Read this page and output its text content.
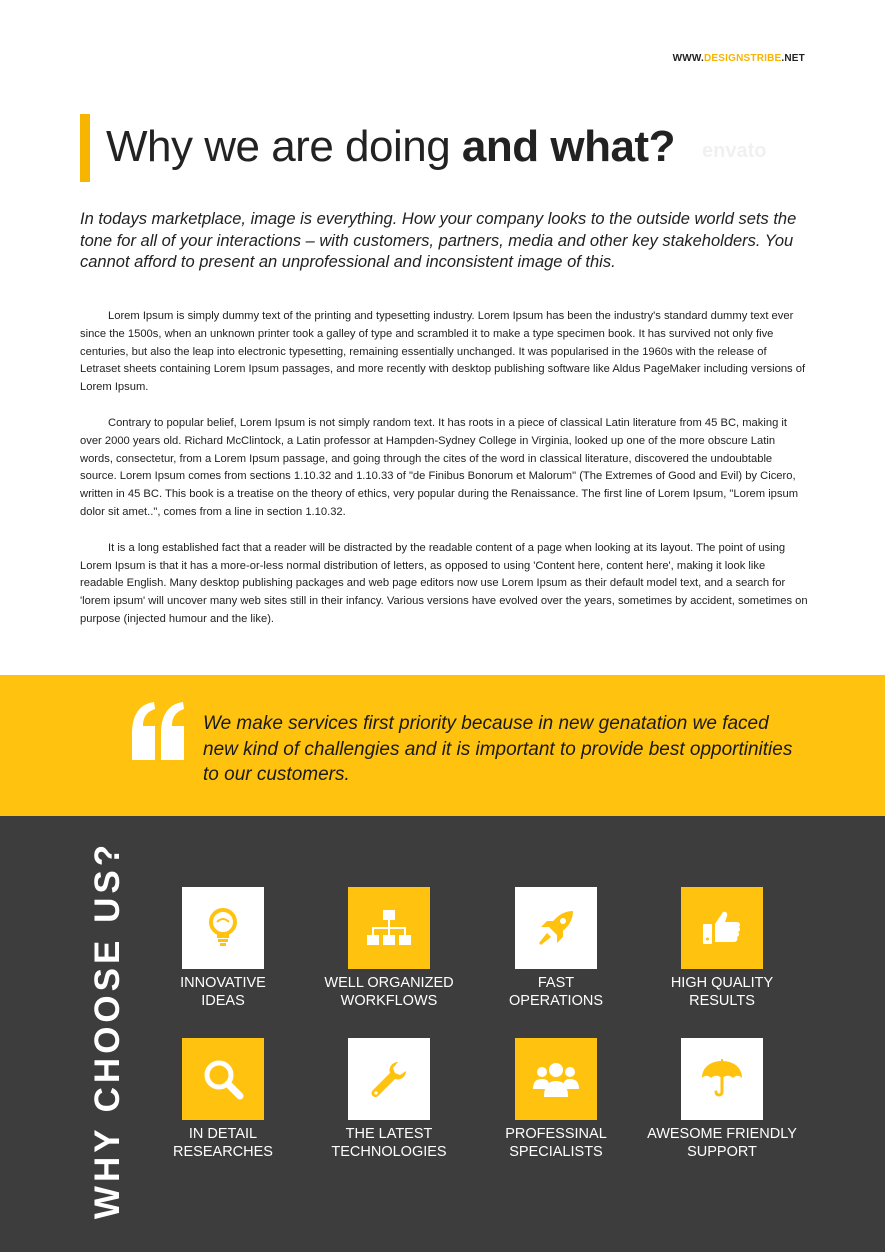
WWW.DESIGNSTRIBE.NET
Why we are doing and what? envato
In todays marketplace, image is everything. How your company looks to the outside world sets the tone for all of your interactions – with customers, partners, media and other key stakeholders. You cannot afford to present an unprofessional and inconsistent image of this.

Lorem Ipsum is simply dummy text of the printing and typesetting industry. Lorem Ipsum has been the industry's standard dummy text ever since the 1500s, when an unknown printer took a galley of type and scrambled it to make a type specimen book. It has survived not only five centuries, but also the leap into electronic typesetting, remaining essentially unchanged. It was popularised in the 1960s with the release of Letraset sheets containing Lorem Ipsum passages, and more recently with desktop publishing software like Aldus PageMaker including versions of Lorem Ipsum.

Contrary to popular belief, Lorem Ipsum is not simply random text. It has roots in a piece of classical Latin literature from 45 BC, making it over 2000 years old. Richard McClintock, a Latin professor at Hampden-Sydney College in Virginia, looked up one of the more obscure Latin words, consectetur, from a Lorem Ipsum passage, and going through the cites of the word in classical literature, discovered the undoubtable source. Lorem Ipsum comes from sections 1.10.32 and 1.10.33 of "de Finibus Bonorum et Malorum" (The Extremes of Good and Evil) by Cicero, written in 45 BC. This book is a treatise on the theory of ethics, very popular during the Renaissance. The first line of Lorem Ipsum, "Lorem ipsum dolor sit amet..", comes from a line in section 1.10.32.

It is a long established fact that a reader will be distracted by the readable content of a page when looking at its layout. The point of using Lorem Ipsum is that it has a more-or-less normal distribution of letters, as opposed to using 'Content here, content here', making it look like readable English. Many desktop publishing packages and web page editors now use Lorem Ipsum as their default model text, and a search for 'lorem ipsum' will uncover many web sites still in their infancy. Various versions have evolved over the years, sometimes by accident, sometimes on purpose (injected humour and the like).

We make services first priority because in new genatation we faced new kind of challengies and it is important to provide best opportinities to our customers.
WHY CHOOSE US?	INNOVATIVE
IDEAS
WELL ORGANIZED
WORKFLOWS
FAST
OPERATIONS
HIGH QUALITY
RESULTS
IN DETAIL
RESEARCHES
THE LATEST
TECHNOLOGIES
PROFESSINAL
SPECIALISTS
AWESOME FRIENDLY
SUPPORT
